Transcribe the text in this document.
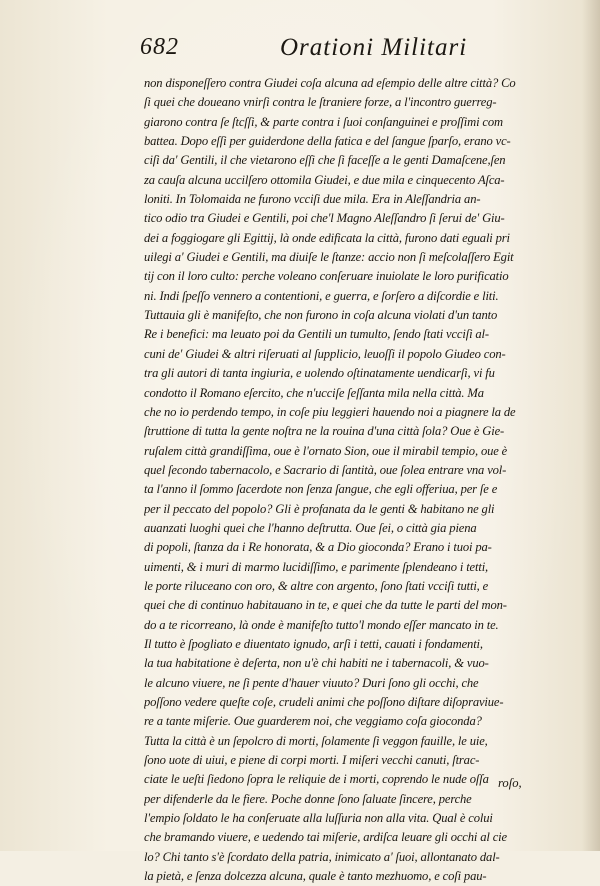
682	Orationi Militari
non disponeſſero contra Giudei coſa alcuna ad eſempio delle altre città? Co
ſi quei che doueano vnirſi contra le ſtraniere forze, a l'incontro guerreg-
giarono contra ſe ſtcſſi, & parte contra i ſuoi conſanguinei e proſſimi com
battea. Dopo eſſi per guiderdone della fatica e del ſangue ſparſo, erano vc-
ciſi da' Gentili, il che vietarono eſſi che ſi faceſſe a le genti Damaſcene,ſen
za cauſa alcuna uccilſero ottomila Giudei, e due mila e cinquecento Aſca-
loniti. In Tolomaida ne furono vcciſi due mila. Era in Aleſſandria an-
tico odio tra Giudei e Gentili, poi che'l Magno Aleſſandro ſi ſerui de' Giu-
dei a foggiogare gli Egittij, là onde edificata la città, furono dati eguali pri
uilegi a' Giudei e Gentili, ma diuiſe le ſtanze: accio non ſi meſcolaſſero Egit
tij con il loro culto: perche voleano conſeruare inuiolate le loro purificatio
ni. Indi ſpeſſo vennero a contentioni, e guerra, e ſorſero a diſcordie e liti.
Tuttauia gli è manifeſto, che non furono in coſa alcuna violati d'un tanto
Re i benefici: ma leuato poi da Gentili un tumulto, ſendo ſtati vcciſi al-
cuni de' Giudei & altri riſeruati al ſupplicio, leuoſſi il popolo Giudeo con-
tra gli autori di tanta ingiuria, e uolendo oſtinatamente uendicarſi, vi fu
condotto il Romano eſercito, che n'ucciſe ſeſſanta mila nella città. Ma
che no io perdendo tempo, in coſe piu leggieri hauendo noi a piagnere la de
ſtruttione di tutta la gente noſtra ne la rouina d'una città ſola? Oue è Gie-
ruſalem città grandiſſima, oue è l'ornato Sion, oue il mirabil tempio, oue è
quel ſecondo tabernacolo, e Sacrario di ſantità, oue ſolea entrare vna vol-
ta l'anno il ſommo ſacerdote non ſenza ſangue, che egli offeriua, per ſe e
per il peccato del popolo? Gli è profanata da le genti & habitano ne gli
auanzati luoghi quei che l'hanno deſtrutta. Oue ſei, o città gia piena
di popoli, ſtanza da i Re honorata, & a Dio gioconda? Erano i tuoi pa-
uimenti, & i muri di marmo lucidiſſimo, e parimente ſplendeano i tetti,
le porte riluceano con oro, & altre con argento, ſono ſtati vcciſi tutti, e
quei che di continuo habitauano in te, e quei che da tutte le parti del mon-
do a te ricorreano, là onde è manifeſto tutto'l mondo eſſer mancato in te.
Il tutto è ſpogliato e diuentato ignudo, arſi i tetti, cauati i fondamenti,
la tua habitatione è deſerta, non u'è chi habiti ne i tabernacoli, & vuo-
le alcuno viuere, ne ſi pente d'hauer viuuto? Duri ſono gli occhi, che
poſſono vedere queſte coſe, crudeli animi che poſſono diſtare diſopraviue-
re a tante miſerie. Oue guarderem noi, che veggiamo coſa gioconda?
Tutta la città è un ſepolcro di morti, ſolamente ſi veggon fauille, le uie,
ſono uote di uiui, e piene di corpi morti. I miſeri vecchi canuti, ſtrac-
ciate le ueſti ſiedono ſopra le reliquie de i morti, coprendo le nude oſſa
per difenderle da le fiere. Poche donne ſono ſaluate ſincere, perche
l'empio ſoldato le ha conſeruate alla luſſuria non alla vita. Qual è colui
che bramando viuere, e uedendo tai miſerie, ardiſca leuare gli occhi al cie
lo? Chi tanto s'è ſcordato della patria, inimicato a' ſuoi, allontanato dal-
la pietà, e ſenza dolcezza alcuna, quale è tanto mezhuomo, e coſi pau-
roſo,
